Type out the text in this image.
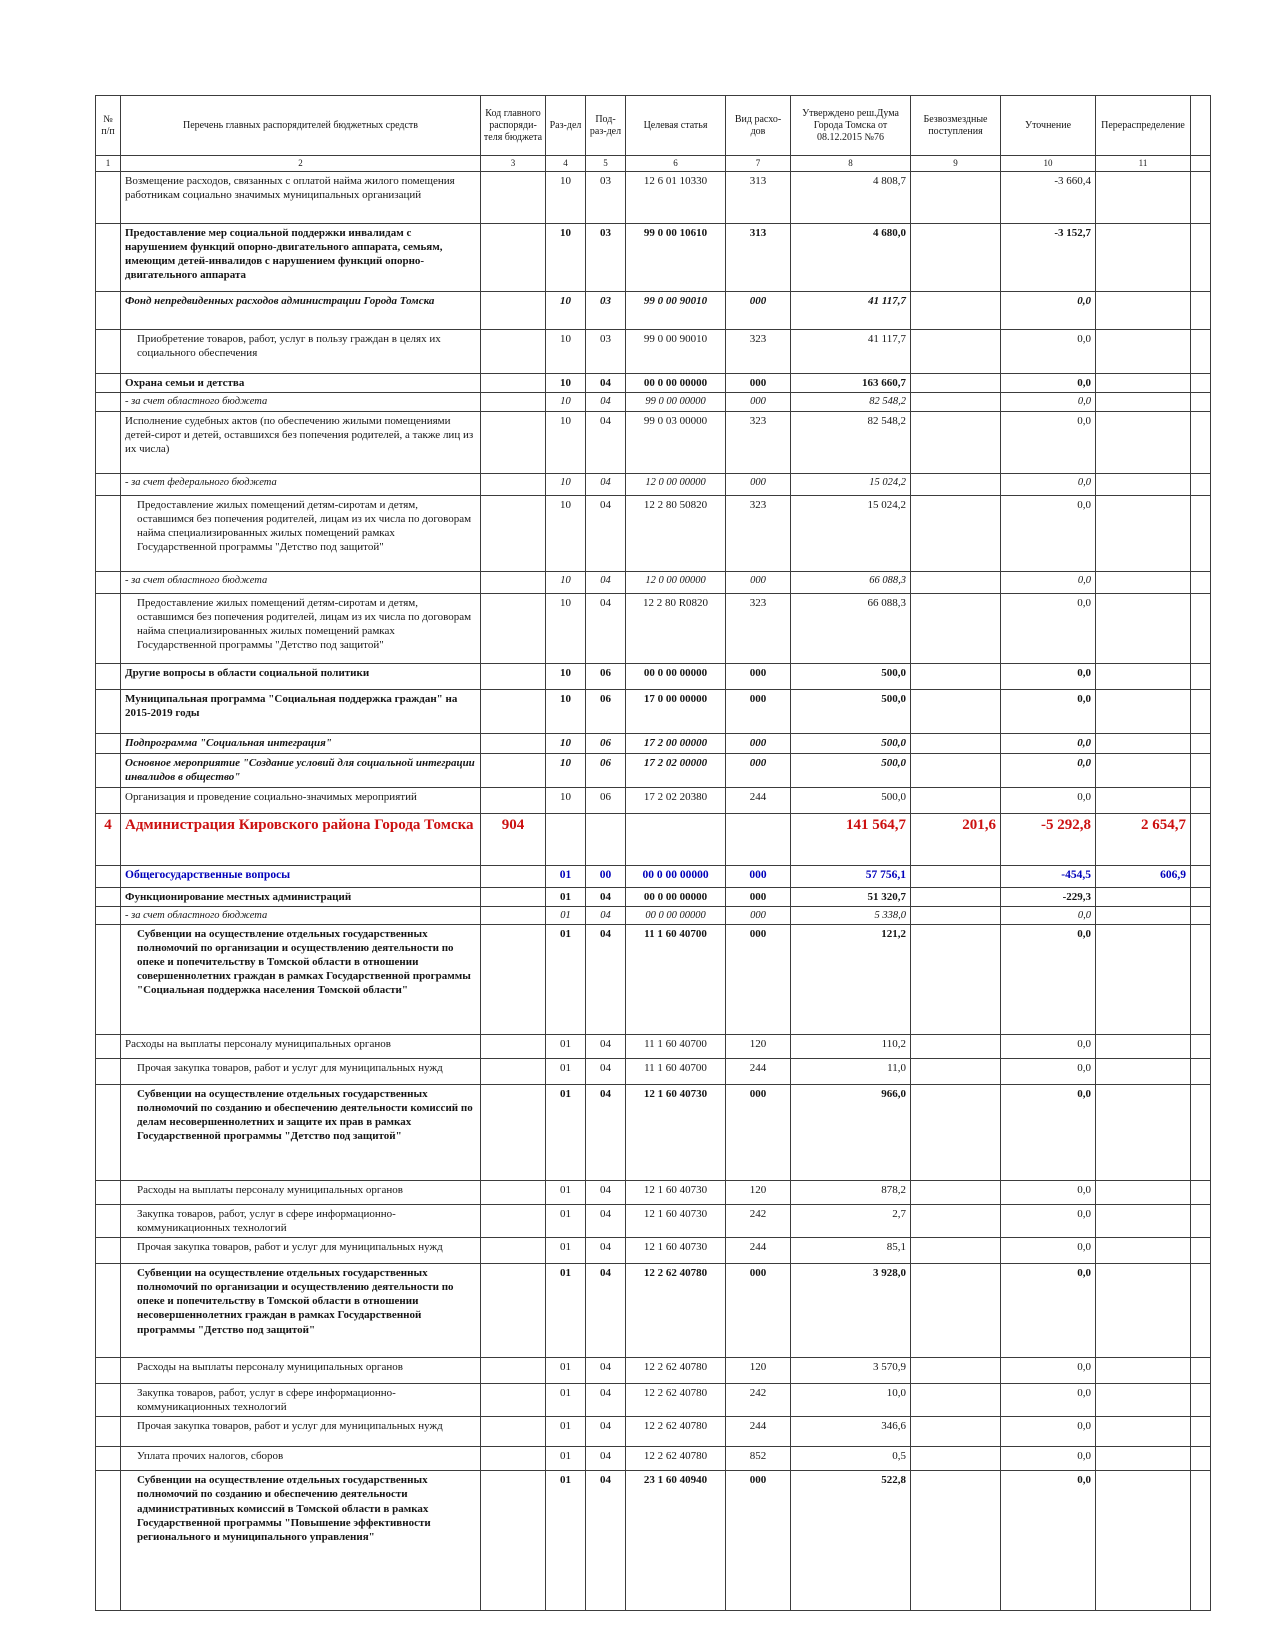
№ п/п	Перечень главных распорядителей бюджетных средств	Код главного распоряди-теля бюджета	Раз-дел	Под-раз-дел	Целевая статья	Вид расхо-дов	Утверждено реш.Дума Города Томска от 08.12.2015 №76	Безвозмездные поступления	Уточнение	Перераспределение	
1	2	3	4	5	6	7	8	9	10	11	
	Возмещение расходов, связанных с оплатой найма жилого помещения работникам социально значимых муниципальных организаций		10	03	12 6 01 10330	313	4 808,7		-3 660,4		
	Предоставление мер социальной поддержки инвалидам с нарушением функций опорно-двигательного аппарата, семьям, имеющим детей-инвалидов с нарушением функций опорно-двигательного аппарата		10	03	99 0 00 10610	313	4 680,0		-3 152,7		
	Фонд непредвиденных расходов администрации Города Томска		10	03	99 0 00 90010	000	41 117,7		0,0		
	Приобретение товаров, работ, услуг в пользу граждан в целях их социального обеспечения		10	03	99 0 00 90010	323	41 117,7		0,0		
	Охрана семьи и детства		10	04	00 0 00 00000	000	163 660,7		0,0		
	- за счет областного бюджета		10	04	99 0 00 00000	000	82 548,2		0,0		
	Исполнение судебных актов (по обеспечению жилыми помещениями детей-сирот и детей, оставшихся без попечения родителей, а также лиц из их числа)		10	04	99 0 03 00000	323	82 548,2		0,0		
	- за счет федерального бюджета		10	04	12 0 00 00000	000	15 024,2		0,0		
	Предоставление жилых помещений детям-сиротам и детям, оставшимся без попечения родителей, лицам из их числа по договорам найма специализированных жилых помещений рамках Государственной программы "Детство под защитой"		10	04	12 2 80 50820	323	15 024,2		0,0		
	- за счет областного бюджета		10	04	12 0 00 00000	000	66 088,3		0,0		
	Предоставление жилых помещений детям-сиротам и детям, оставшимся без попечения родителей, лицам из их числа по договорам найма специализированных жилых помещений рамках Государственной программы "Детство под защитой"		10	04	12 2 80 R0820	323	66 088,3		0,0		
	Другие вопросы в области социальной политики		10	06	00 0 00 00000	000	500,0		0,0		
	Муниципальная программа "Социальная поддержка граждан" на 2015-2019 годы		10	06	17 0 00 00000	000	500,0		0,0		
	Подпрограмма "Социальная интеграция"		10	06	17 2 00 00000	000	500,0		0,0		
	Основное мероприятие "Создание условий для социальной интеграции инвалидов в общество"		10	06	17 2 02 00000	000	500,0		0,0		
	Организация и проведение социально-значимых мероприятий		10	06	17 2 02 20380	244	500,0		0,0		
4	Администрация Кировского района Города Томска	904					141 564,7	201,6	-5 292,8	2 654,7	
	Общегосударственные вопросы		01	00	00 0 00 00000	000	57 756,1		-454,5	606,9	
	Функционирование местных администраций		01	04	00 0 00 00000	000	51 320,7		-229,3		
	- за счет областного бюджета		01	04	00 0 00 00000	000	5 338,0		0,0		
	Субвенции на осуществление отдельных государственных полномочий по организации и осуществлению деятельности по опеке и попечительству в Томской области в отношении совершеннолетних граждан в рамках Государственной программы "Социальная поддержка населения Томской области"		01	04	11 1 60 40700	000	121,2		0,0		
	Расходы на выплаты персоналу муниципальных органов		01	04	11 1 60 40700	120	110,2		0,0		
	Прочая закупка товаров, работ и услуг для муниципальных нужд		01	04	11 1 60 40700	244	11,0		0,0		
	Субвенции на осуществление отдельных государственных полномочий по созданию и обеспечению деятельности комиссий по делам несовершеннолетних и защите их прав в рамках Государственной программы "Детство под защитой"		01	04	12 1 60 40730	000	966,0		0,0		
	Расходы на выплаты персоналу муниципальных органов		01	04	12 1 60 40730	120	878,2		0,0		
	Закупка товаров, работ, услуг в сфере информационно-коммуникационных технологий		01	04	12 1 60 40730	242	2,7		0,0		
	Прочая закупка товаров, работ и услуг для муниципальных нужд		01	04	12 1 60 40730	244	85,1		0,0		
	Субвенции на осуществление отдельных государственных полномочий по организации и осуществлению деятельности по опеке и попечительству в Томской области в отношении несовершеннолетних граждан в рамках Государственной программы "Детство под защитой"		01	04	12 2 62 40780	000	3 928,0		0,0		
	Расходы на выплаты персоналу муниципальных органов		01	04	12 2 62 40780	120	3 570,9		0,0		
	Закупка товаров, работ, услуг в сфере информационно-коммуникационных технологий		01	04	12 2 62 40780	242	10,0		0,0		
	Прочая закупка товаров, работ и услуг для муниципальных нужд		01	04	12 2 62 40780	244	346,6		0,0		
	Уплата прочих налогов, сборов		01	04	12 2 62 40780	852	0,5		0,0		
	Субвенции на осуществление отдельных государственных полномочий по созданию и обеспечению деятельности административных комиссий в Томской области в рамках Государственной программы "Повышение эффективности регионального и муниципального управления"		01	04	23 1 60 40940	000	522,8		0,0		
